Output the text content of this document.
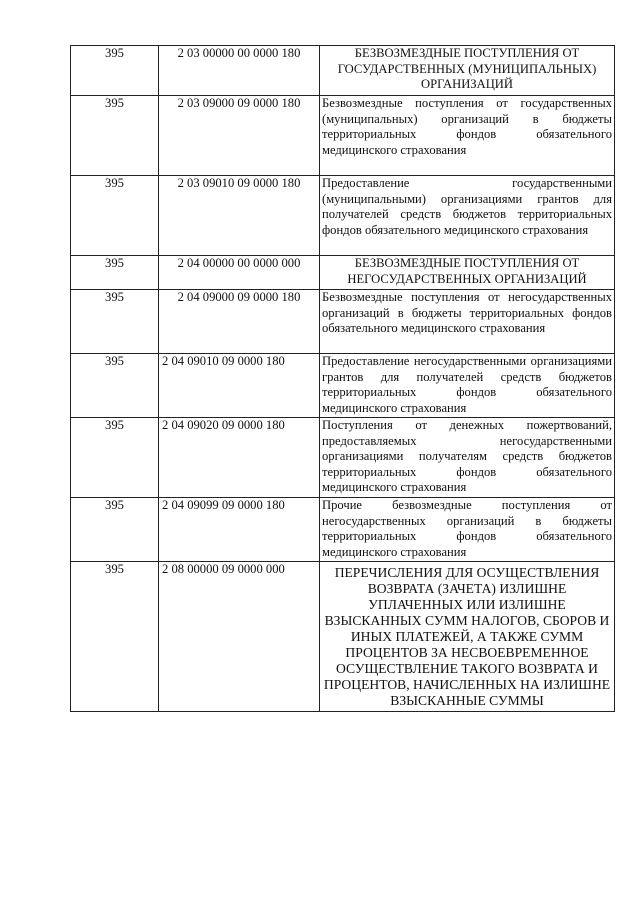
395	2 03 00000 00 0000 180	БЕЗВОЗМЕЗДНЫЕ ПОСТУПЛЕНИЯ ОТ ГОСУДАРСТВЕННЫХ (МУНИЦИПАЛЬНЫХ) ОРГАНИЗАЦИЙ
395	2 03 09000 09 0000 180	Безвозмездные поступления от государственных (муниципальных) организаций в бюджеты территориальных фондов обязательного медицинского страхования
395	2 03 09010 09 0000 180	Предоставление государственными (муниципальными) организациями грантов для получателей средств бюджетов территориальных фондов обязательного медицинского страхования
395	2 04 00000 00 0000 000	БЕЗВОЗМЕЗДНЫЕ ПОСТУПЛЕНИЯ ОТ НЕГОСУДАРСТВЕННЫХ ОРГАНИЗАЦИЙ
395	2 04 09000 09 0000 180	Безвозмездные поступления от негосударственных организаций в бюджеты территориальных фондов обязательного медицинского страхования
395	2 04 09010 09 0000 180	Предоставление негосударственными организациями грантов для получателей средств бюджетов территориальных фондов обязательного медицинского страхования
395	2 04 09020 09 0000 180	Поступления от денежных пожертвований, предоставляемых негосударственными организациями получателям средств бюджетов территориальных фондов обязательного медицинского страхования
395	2 04 09099 09 0000 180	Прочие безвозмездные поступления от негосударственных организаций в бюджеты территориальных фондов обязательного медицинского страхования
395	2 08 00000 09 0000 000	ПЕРЕЧИСЛЕНИЯ ДЛЯ ОСУЩЕСТВЛЕНИЯ ВОЗВРАТА (ЗАЧЕТА) ИЗЛИШНЕ УПЛАЧЕННЫХ ИЛИ ИЗЛИШНЕ ВЗЫСКАННЫХ СУММ НАЛОГОВ, СБОРОВ И ИНЫХ ПЛАТЕЖЕЙ, А ТАКЖЕ СУММ ПРОЦЕНТОВ ЗА НЕСВОЕВРЕМЕННОЕ ОСУЩЕСТВЛЕНИЕ ТАКОГО ВОЗВРАТА И ПРОЦЕНТОВ, НАЧИСЛЕННЫХ НА ИЗЛИШНЕ ВЗЫСКАННЫЕ СУММЫ
